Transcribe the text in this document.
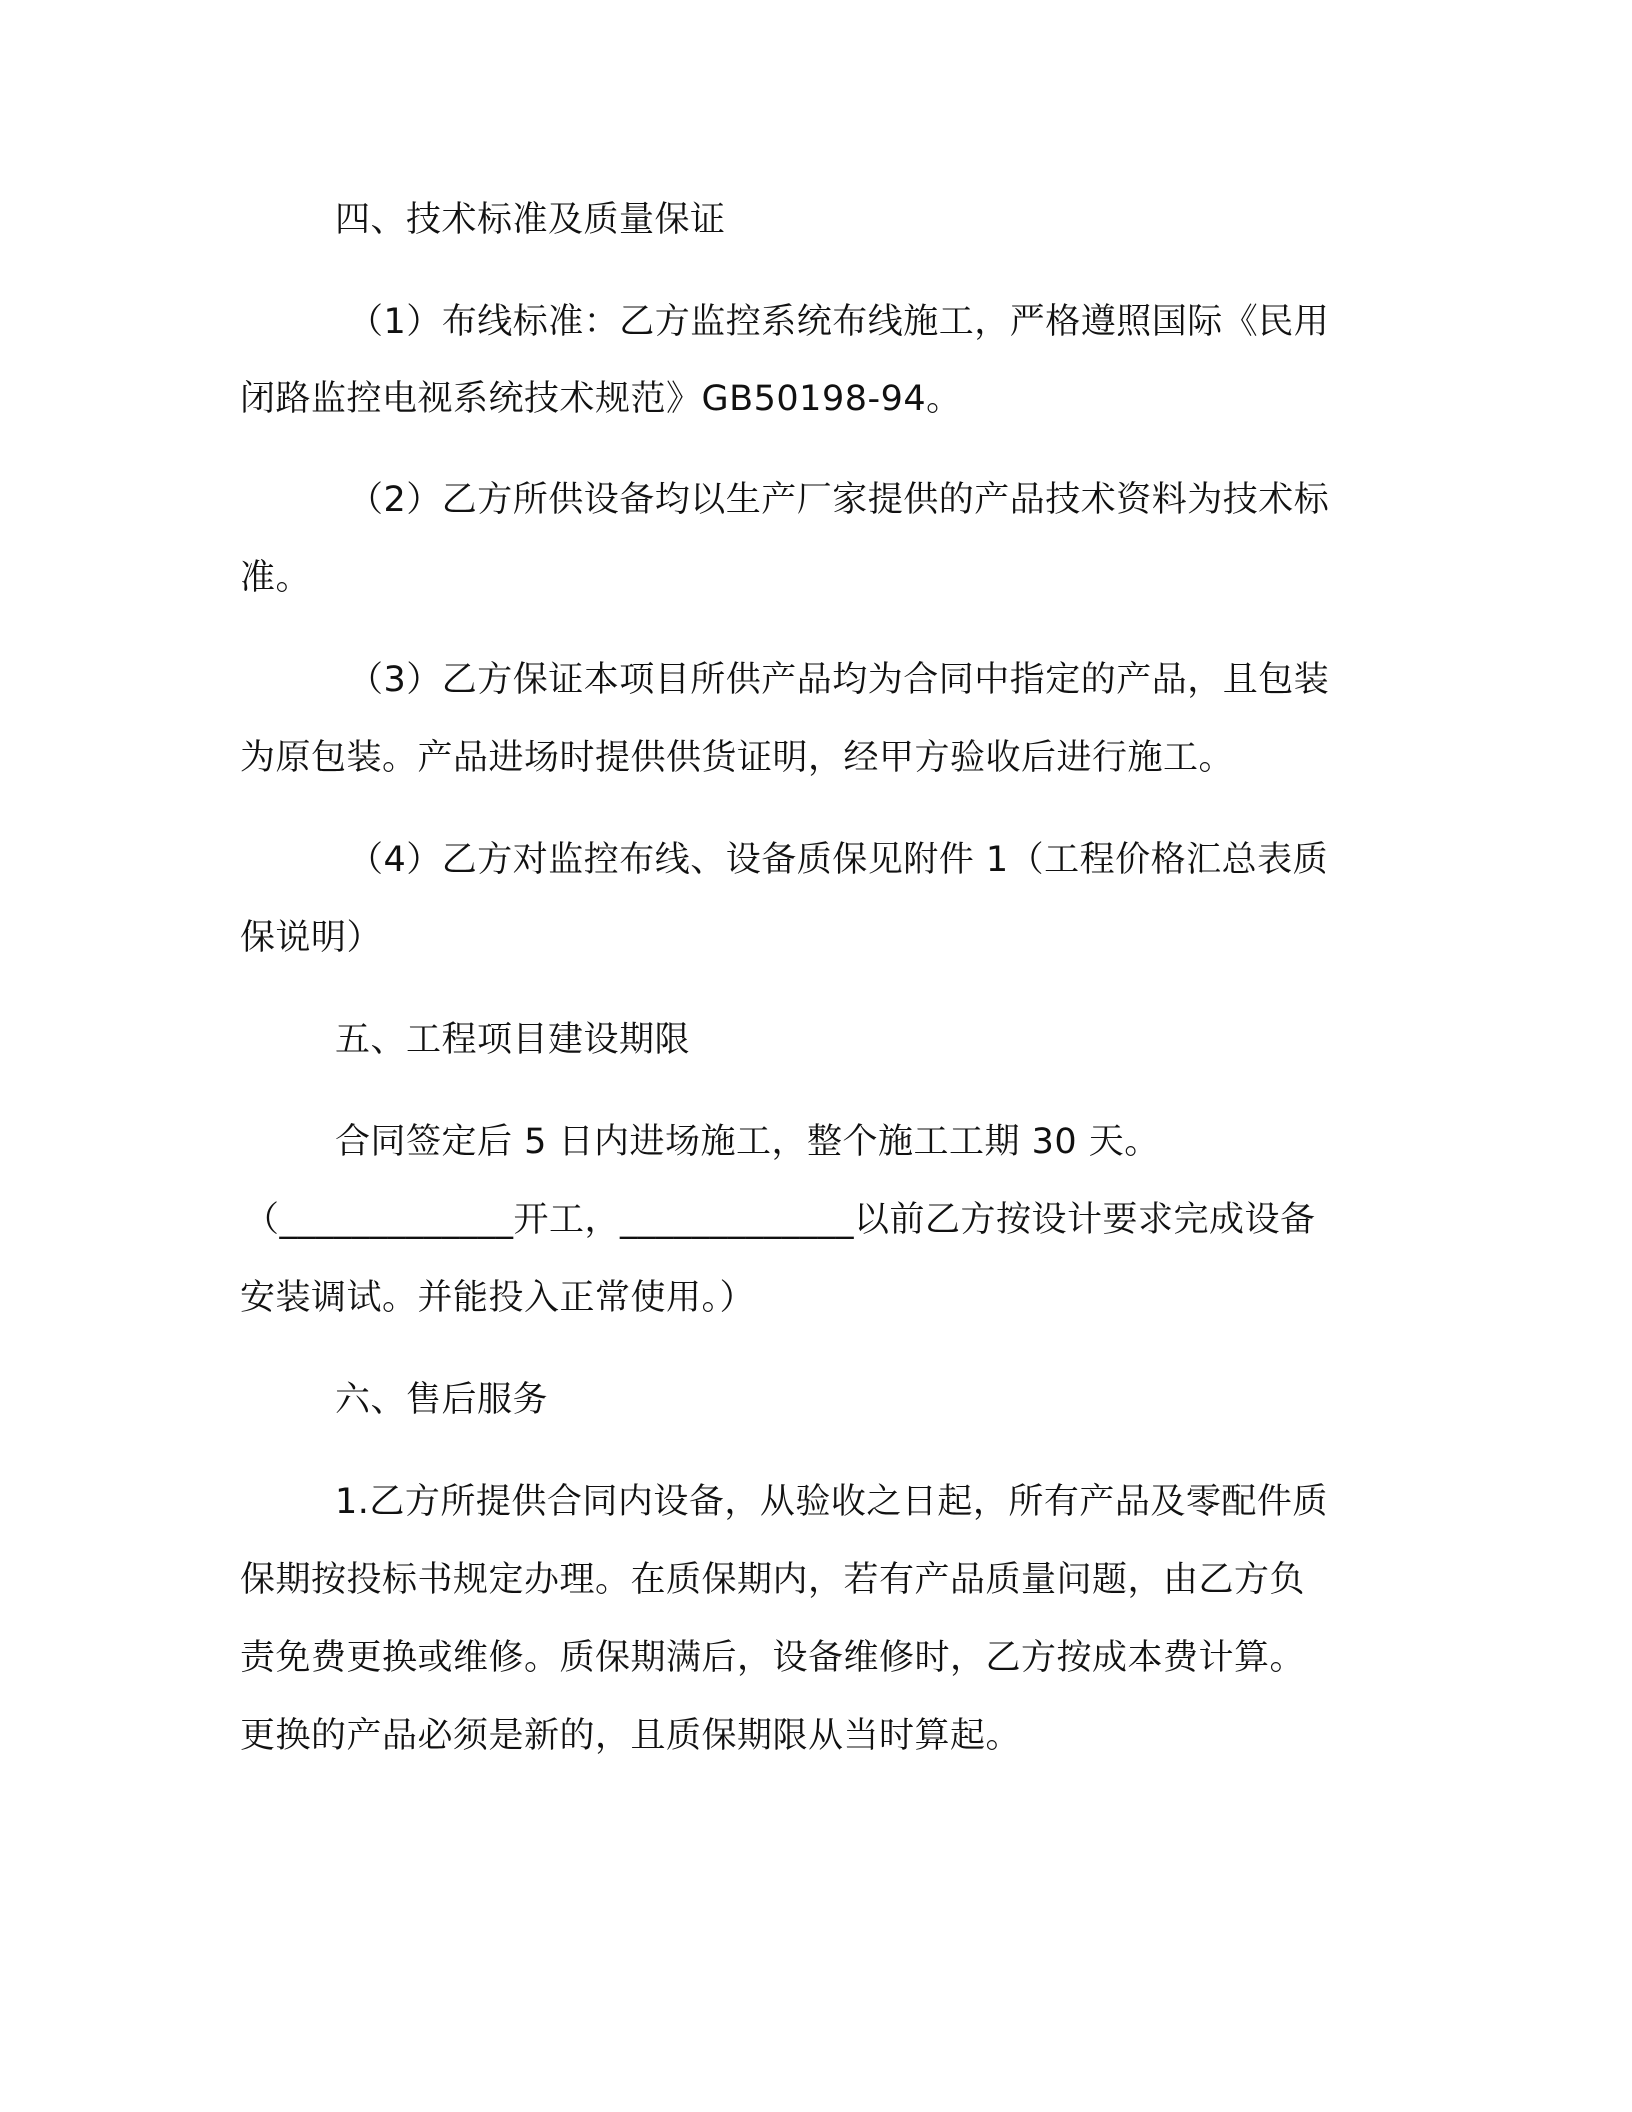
四、技术标准及质量保证
（1）布线标准：乙方监控系统布线施工，严格遵照国际《民用
闭路监控电视系统技术规范》GB50198-94。
（2）乙方所供设备均以生产厂家提供的产品技术资料为技术标
准。
（3）乙方保证本项目所供产品均为合同中指定的产品，且包装
为原包装。产品进场时提供供货证明，经甲方验收后进行施工。
（4）乙方对监控布线、设备质保见附件 1（工程价格汇总表质
保说明）
五、工程项目建设期限
合同签定后 5 日内进场施工，整个施工工期 30 天。
（_____________开工，_____________以前乙方按设计要求完成设备
安装调试。并能投入正常使用。）
六、售后服务
1.乙方所提供合同内设备，从验收之日起，所有产品及零配件质
保期按投标书规定办理。在质保期内，若有产品质量问题，由乙方负
责免费更换或维修。质保期满后，设备维修时，乙方按成本费计算。
更换的产品必须是新的，且质保期限从当时算起。
